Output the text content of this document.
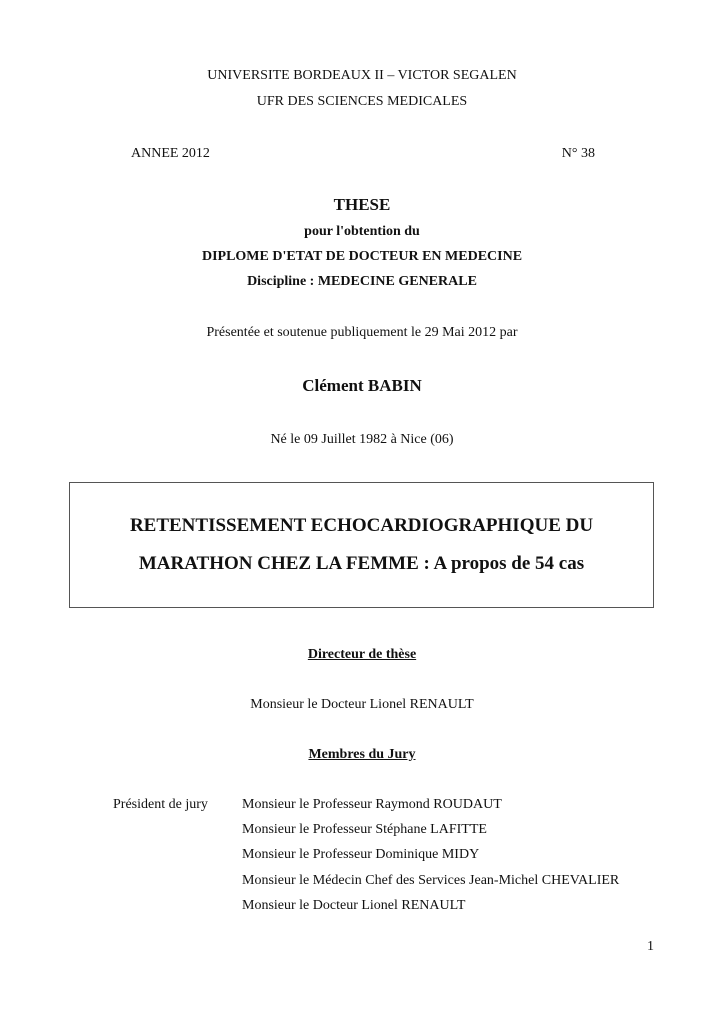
UNIVERSITE BORDEAUX II – VICTOR SEGALEN
UFR DES SCIENCES MEDICALES
ANNEE 2012	N° 38
THESE
pour l'obtention du
DIPLOME D'ETAT DE DOCTEUR EN MEDECINE
Discipline : MEDECINE GENERALE
Présentée et soutenue publiquement le 29 Mai 2012 par
Clément BABIN
Né le 09 Juillet 1982 à Nice (06)
RETENTISSEMENT ECHOCARDIOGRAPHIQUE DU
MARATHON CHEZ LA FEMME : A propos de 54 cas
Directeur de thèse
Monsieur le Docteur Lionel RENAULT
Membres du Jury
Président de jury Monsieur le Professeur Raymond ROUDAUT
Monsieur le Professeur Stéphane LAFITTE
Monsieur le Professeur Dominique MIDY
Monsieur le Médecin Chef des Services Jean-Michel CHEVALIER
Monsieur le Docteur Lionel RENAULT
1
